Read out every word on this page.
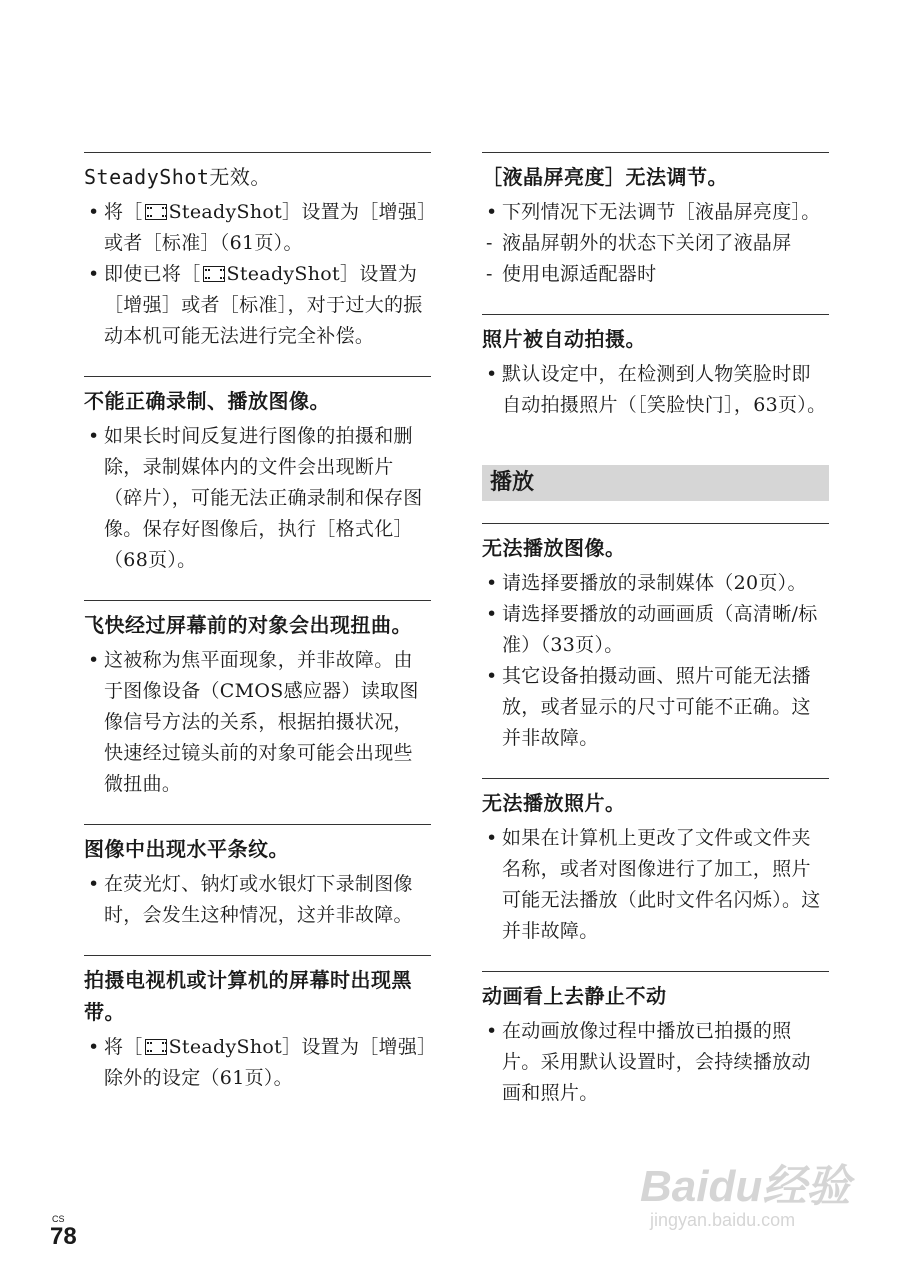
SteadyShot无效。
• 将［ SteadyShot］设置为［增强］或者［标准］（61页）。
• 即使已将［ SteadyShot］设置为［增强］或者［标准］，对于过大的振动本机可能无法进行完全补偿。
不能正确录制、播放图像。
• 如果长时间反复进行图像的拍摄和删除，录制媒体内的文件会出现断片（碎片），可能无法正确录制和保存图像。保存好图像后，执行［格式化］（68页）。
飞快经过屏幕前的对象会出现扭曲。
• 这被称为焦平面现象，并非故障。由于图像设备（CMOS感应器）读取图像信号方法的关系，根据拍摄状况，快速经过镜头前的对象可能会出现些微扭曲。
图像中出现水平条纹。
• 在荧光灯、钠灯或水银灯下录制图像时，会发生这种情况，这并非故障。
拍摄电视机或计算机的屏幕时出现黑带。
• 将［ SteadyShot］设置为［增强］除外的设定（61页）。
［液晶屏亮度］无法调节。
• 下列情况下无法调节［液晶屏亮度］。
- 液晶屏朝外的状态下关闭了液晶屏
- 使用电源适配器时
照片被自动拍摄。
• 默认设定中，在检测到人物笑脸时即自动拍摄照片（［笑脸快门］，63页）。
播放
无法播放图像。
• 请选择要播放的录制媒体（20页）。
• 请选择要播放的动画画质（高清晰/标准）（33页）。
• 其它设备拍摄动画、照片可能无法播放，或者显示的尺寸可能不正确。这并非故障。
无法播放照片。
• 如果在计算机上更改了文件或文件夹名称，或者对图像进行了加工，照片可能无法播放（此时文件名闪烁）。这并非故障。
动画看上去静止不动
• 在动画放像过程中播放已拍摄的照片。采用默认设置时，会持续播放动画和照片。
CS
78
Baidu经验
jingyan.baidu.com
